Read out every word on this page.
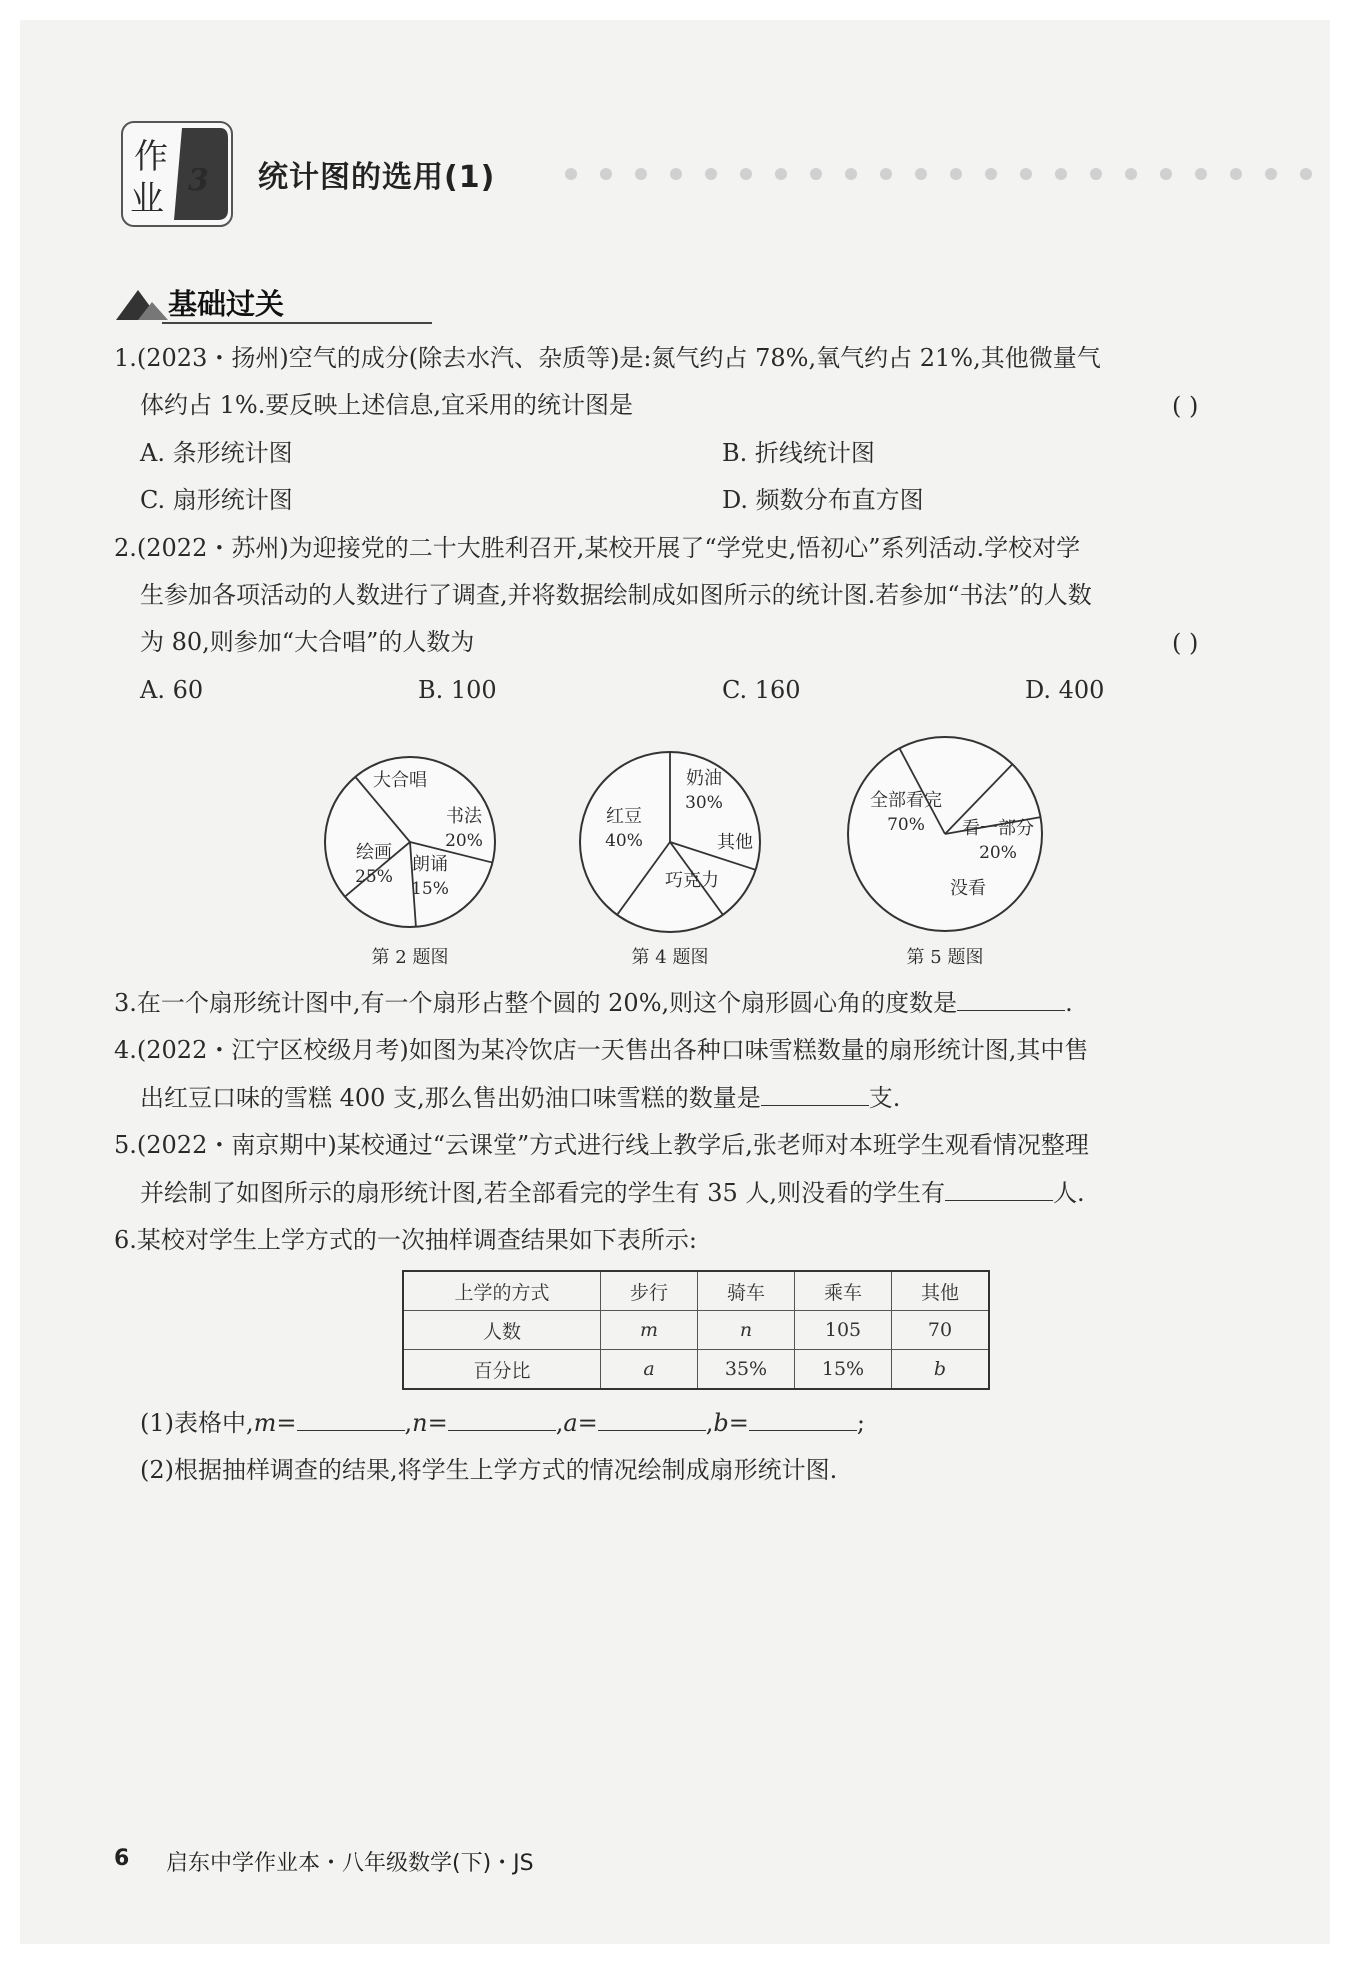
作
业 3 统计图的选用(1)
基础过关
1.(2023・扬州)空气的成分(除去水汽、杂质等)是:氮气约占 78%,氧气约占 21%,其他微量气
体约占 1%.要反映上述信息,宜采用的统计图是	( )
A. 条形统计图	B. 折线统计图
C. 扇形统计图	D. 频数分布直方图
2.(2022・苏州)为迎接党的二十大胜利召开,某校开展了“学党史,悟初心”系列活动.学校对学
生参加各项活动的人数进行了调查,并将数据绘制成如图所示的统计图.若参加“书法”的人数
为 80,则参加“大合唱”的人数为	( )
A. 60	B. 100	C. 160	D. 400
大合唱
书法
20%
朗诵
15%
绘画
25%
第 2 题图
奶油
30%
其他
巧克力
红豆
40%
第 4 题图
全部看完
70% 看一部分
20%
没看
第 5 题图
3.在一个扇形统计图中,有一个扇形占整个圆的 20%,则这个扇形圆心角的度数是	.
4.(2022・江宁区校级月考)如图为某冷饮店一天售出各种口味雪糕数量的扇形统计图,其中售
出红豆口味的雪糕 400 支,那么售出奶油口味雪糕的数量是	支.
5.(2022・南京期中)某校通过“云课堂”方式进行线上教学后,张老师对本班学生观看情况整理
并绘制了如图所示的扇形统计图,若全部看完的学生有 35 人,则没看的学生有	人.
6.某校对学生上学方式的一次抽样调查结果如下表所示:
上学的方式	步行	骑车	乘车	其他
人数	m	n	105	70
百分比	a	35%	15%	b
(1)表格中,m=	,n=	,a=	,b=	;
(2)根据抽样调查的结果,将学生上学方式的情况绘制成扇形统计图.
6 启东中学作业本・八年级数学(下)・JS
